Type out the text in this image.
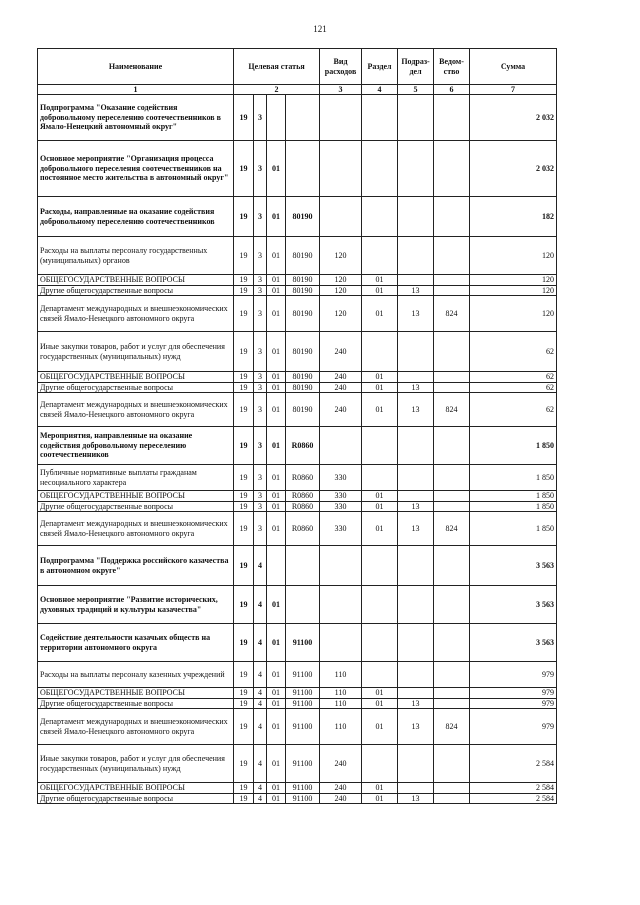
121
Наименование	Целевая статья				Вид расходов	Раздел	Подраз-дел	Ведом-ство	Сумма
1	2				3	4	5	6	7
Подпрограмма "Оказание содействия добровольному переселению соотечественников в Ямало-Ненецкий автономный округ"	19	3							2 032
Основное мероприятие "Организация процесса добровольного переселения соотечественников на постоянное место жительства в автономный округ"	19	3	01						2 032
Расходы, направленные на оказание содействия добровольному переселению соотечественников	19	3	01	80190					182
Расходы на выплаты персоналу государственных (муниципальных) органов	19	3	01	80190	120				120
ОБЩЕГОСУДАРСТВЕННЫЕ ВОПРОСЫ	19	3	01	80190	120	01			120
Другие общегосударственные вопросы	19	3	01	80190	120	01	13		120
Департамент международных и внешнеэкономических связей Ямало-Ненецкого автономного округа	19	3	01	80190	120	01	13	824	120
Иные закупки товаров, работ и услуг для обеспечения государственных (муниципальных) нужд	19	3	01	80190	240				62
ОБЩЕГОСУДАРСТВЕННЫЕ ВОПРОСЫ	19	3	01	80190	240	01			62
Другие общегосударственные вопросы	19	3	01	80190	240	01	13		62
Департамент международных и внешнеэкономических связей Ямало-Ненецкого автономного округа	19	3	01	80190	240	01	13	824	62
Мероприятия, направленные на оказание содействия добровольному переселению соотечественников	19	3	01	R0860					1 850
Публичные нормативные выплаты гражданам несоциального характера	19	3	01	R0860	330				1 850
ОБЩЕГОСУДАРСТВЕННЫЕ ВОПРОСЫ	19	3	01	R0860	330	01			1 850
Другие общегосударственные вопросы	19	3	01	R0860	330	01	13		1 850
Департамент международных и внешнеэкономических связей Ямало-Ненецкого автономного округа	19	3	01	R0860	330	01	13	824	1 850
Подпрограмма "Поддержка российского казачества в автономном округе"	19	4							3 563
Основное мероприятие "Развитие исторических, духовных традиций и культуры казачества"	19	4	01						3 563
Содействие деятельности казачьих обществ на территории автономного округа	19	4	01	91100					3 563
Расходы на выплаты персоналу казенных учреждений	19	4	01	91100	110				979
ОБЩЕГОСУДАРСТВЕННЫЕ ВОПРОСЫ	19	4	01	91100	110	01			979
Другие общегосударственные вопросы	19	4	01	91100	110	01	13		979
Департамент международных и внешнеэкономических связей Ямало-Ненецкого автономного округа	19	4	01	91100	110	01	13	824	979
Иные закупки товаров, работ и услуг для обеспечения государственных (муниципальных) нужд	19	4	01	91100	240				2 584
ОБЩЕГОСУДАРСТВЕННЫЕ ВОПРОСЫ	19	4	01	91100	240	01			2 584
Другие общегосударственные вопросы	19	4	01	91100	240	01	13		2 584
